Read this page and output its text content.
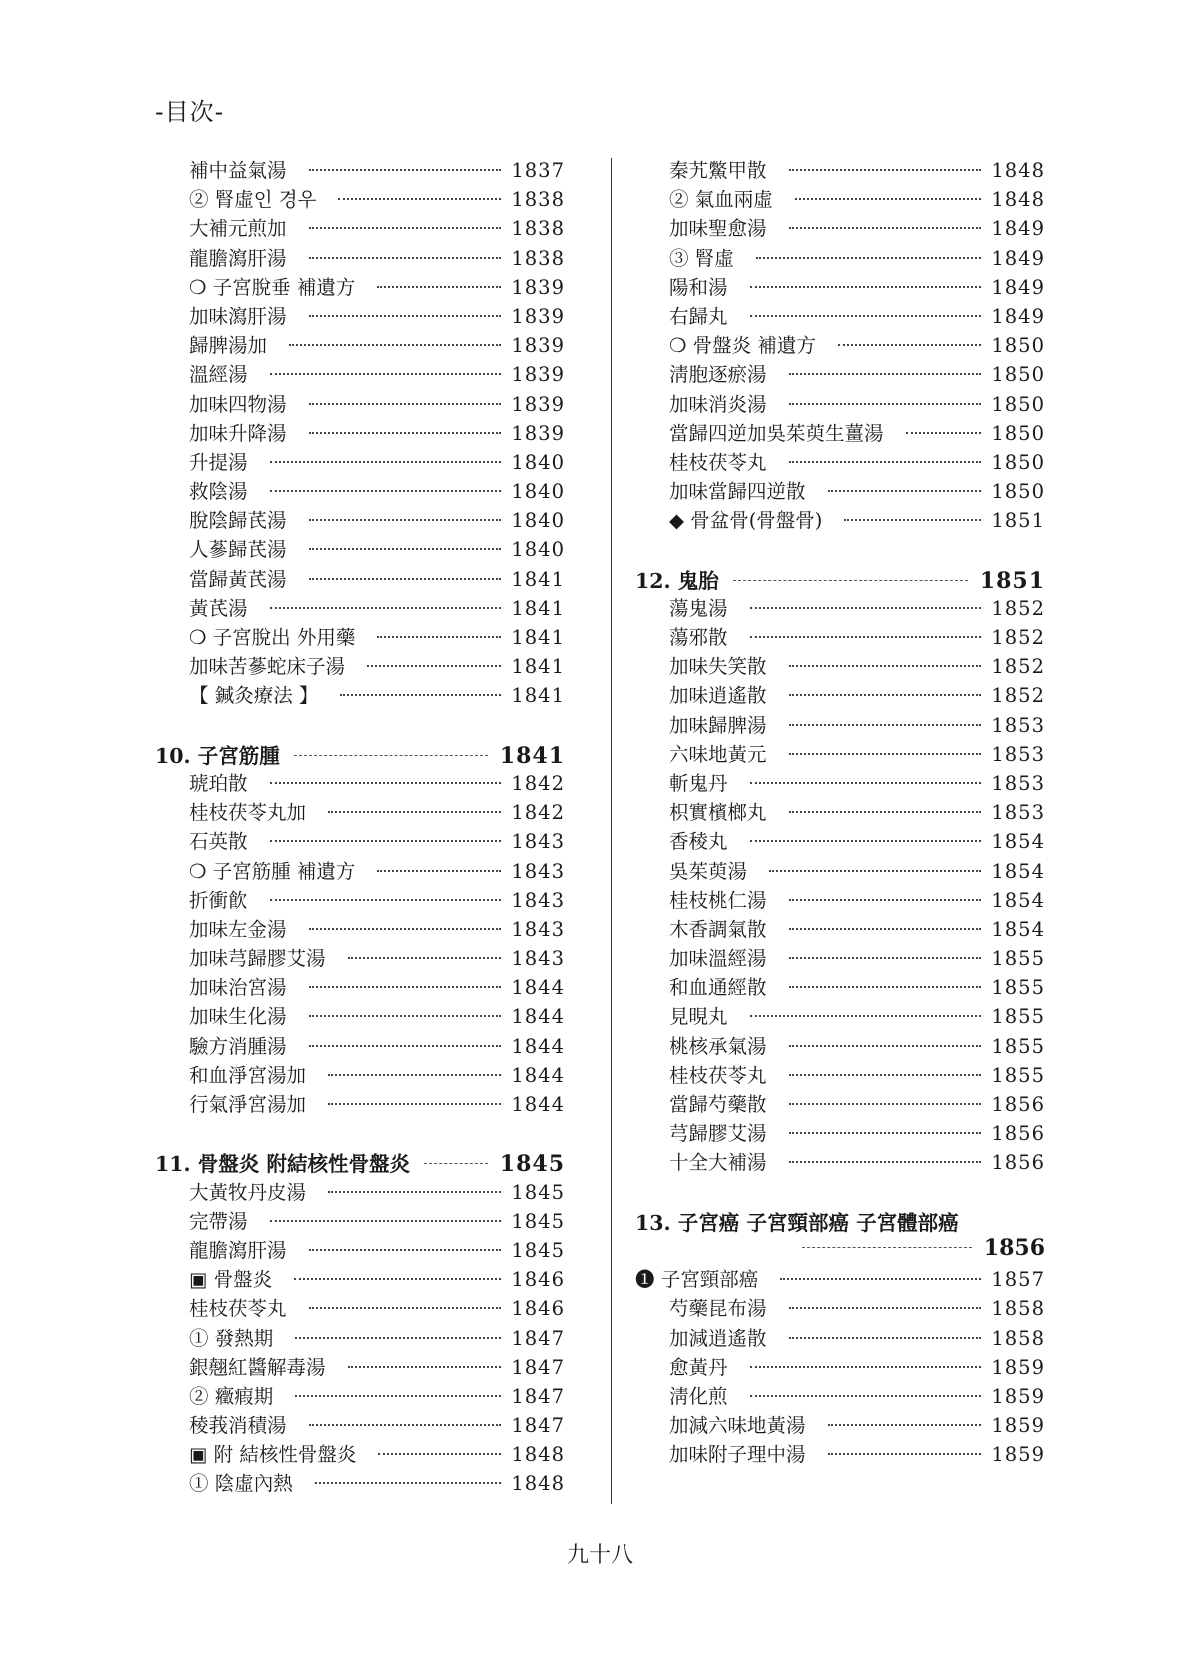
-目次-
補中益氣湯	1837
② 腎虛인 경우	1838
大補元煎加	1838
龍膽瀉肝湯	1838
❍ 子宮脫垂 補遺方	1839
加味瀉肝湯	1839
歸脾湯加	1839
溫經湯	1839
加味四物湯	1839
加味升降湯	1839
升提湯	1840
救陰湯	1840
脫陰歸芪湯	1840
人蔘歸芪湯	1840
當歸黃芪湯	1841
黃芪湯	1841
❍ 子宮脫出 外用藥	1841
加味苦蔘蛇床子湯	1841
【 鍼灸療法 】	1841
10. 子宮筋腫	1841
琥珀散	1842
桂枝茯苓丸加	1842
石英散	1843
❍ 子宮筋腫 補遺方	1843
折衝飮	1843
加味左金湯	1843
加味芎歸膠艾湯	1843
加味治宮湯	1844
加味生化湯	1844
驗方消腫湯	1844
和血淨宮湯加	1844
行氣淨宮湯加	1844
11. 骨盤炎 附結核性骨盤炎	1845
大黃牧丹皮湯	1845
完帶湯	1845
龍膽瀉肝湯	1845
▣ 骨盤炎	1846
桂枝茯苓丸	1846
① 發熱期	1847
銀翹紅醬解毒湯	1847
② 癥瘕期	1847
稜莪消積湯	1847
▣ 附 結核性骨盤炎	1848
① 陰虛內熱	1848
秦艽鱉甲散	1848
② 氣血兩虛	1848
加味聖愈湯	1849
③ 腎虛	1849
陽和湯	1849
右歸丸	1849
❍ 骨盤炎 補遺方	1850
淸胞逐瘀湯	1850
加味消炎湯	1850
當歸四逆加吳茱萸生薑湯	1850
桂枝茯苓丸	1850
加味當歸四逆散	1850
◆ 骨盆骨(骨盤骨)	1851
12. 鬼胎	1851
蕩鬼湯	1852
蕩邪散	1852
加味失笑散	1852
加味逍遙散	1852
加味歸脾湯	1853
六味地黃元	1853
斬鬼丹	1853
枳實檳榔丸	1853
香稜丸	1854
吳茱萸湯	1854
桂枝桃仁湯	1854
木香調氣散	1854
加味溫經湯	1855
和血通經散	1855
見晛丸	1855
桃核承氣湯	1855
桂枝茯苓丸	1855
當歸芍藥散	1856
芎歸膠艾湯	1856
十全大補湯	1856
13. 子宮癌 子宮頸部癌 子宮體部癌
1856
❶ 子宮頸部癌	1857
芍藥昆布湯	1858
加減逍遙散	1858
愈黃丹	1859
淸化煎	1859
加減六味地黃湯	1859
加味附子理中湯	1859
九十八
